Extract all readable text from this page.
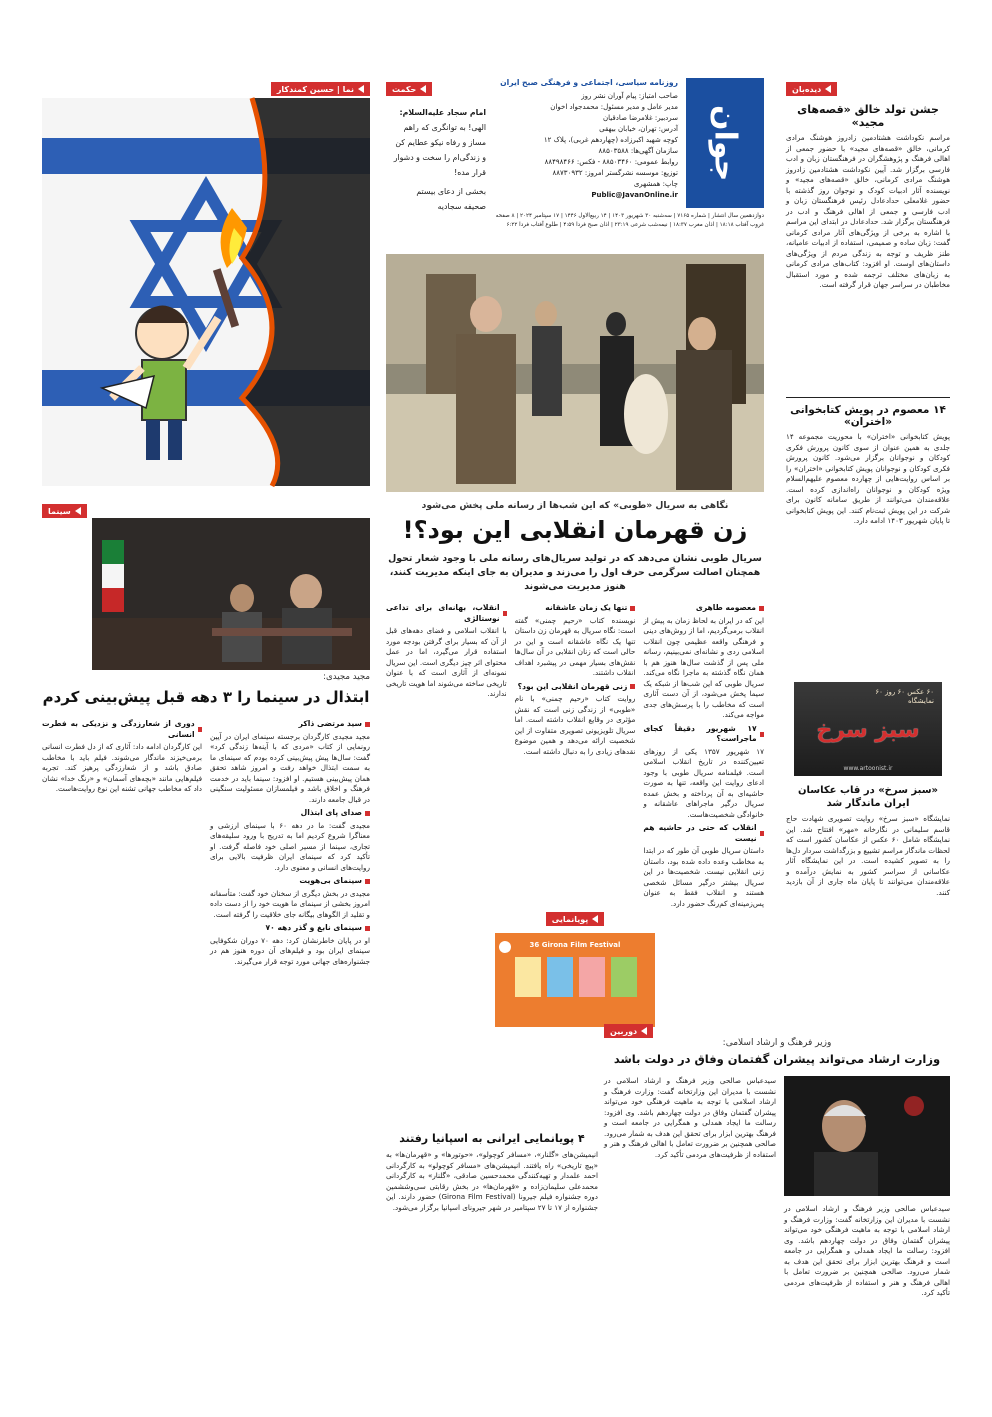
دیده‌بان
جشن تولد خالق «قصه‌های مجید»
مراسم نکوداشت هشتادمین زادروز هوشنگ مرادی کرمانی، خالق «قصه‌های مجید» با حضور جمعی از اهالی فرهنگ و پژوهشگران در فرهنگستان زبان و ادب فارسی برگزار شد. آیین نکوداشت هشتادمین زادروز هوشنگ مرادی کرمانی، خالق «قصه‌های مجید» و نویسنده آثار ادبیات کودک و نوجوان روز گذشته با حضور غلامعلی حدادعادل رئیس فرهنگستان زبان و ادب فارسی و جمعی از اهالی فرهنگ و ادب در فرهنگستان برگزار شد. حدادعادل در ابتدای این مراسم با اشاره به برخی از ویژگی‌های آثار مرادی کرمانی گفت: زبان ساده و صمیمی، استفاده از ادبیات عامیانه، طنز ظریف و توجه به زندگی مردم از ویژگی‌های داستان‌های اوست. او افزود: کتاب‌های مرادی کرمانی به زبان‌های مختلف ترجمه شده و مورد استقبال مخاطبان در سراسر جهان قرار گرفته است.
۱۴ معصوم در پویش کتابخوانی «اختران»
پویش کتابخوانی «اختران» با محوریت مجموعه ۱۴ جلدی به همین عنوان از سوی کانون پرورش فکری کودکان و نوجوانان برگزار می‌شود. کانون پرورش فکری کودکان و نوجوانان پویش کتابخوانی «اختران» را بر اساس روایت‌هایی از چهارده معصوم علیهم‌السلام ویژه کودکان و نوجوانان راه‌اندازی کرده است. علاقه‌مندان می‌توانند از طریق سامانه کانون برای شرکت در این پویش ثبت‌نام کنند. این پویش کتابخوانی تا پایان شهریور ۱۴۰۳ ادامه دارد.
۶۰ عکس ۶۰ روز ۶۰ نمایشگاه
سبز سرخ
www.artoonist.ir
«سبز سرخ» در قاب عکاسان ایران ماندگار شد
نمایشگاه «سبز سرخ» روایت تصویری شهادت حاج قاسم سلیمانی در نگارخانه «مهر» افتتاح شد. این نمایشگاه شامل ۶۰ عکس از عکاسان کشور است که لحظات ماندگار مراسم تشییع و بزرگداشت سردار دل‌ها را به تصویر کشیده است. در این نمایشگاه آثار عکاسانی از سراسر کشور به نمایش درآمده و علاقه‌مندان می‌توانند تا پایان ماه جاری از آن بازدید کنند.
جوان
روزنامه سیاسی، اجتماعی و فرهنگی صبح ایران
صاحب امتیاز: پیام آوران نشر روز
مدیر عامل و مدیر مسئول: محمدجواد اخوان
سردبیر: غلامرضا صادقیان
آدرس: تهران، خیابان بیهقی
کوچه شهید اکبرزاده (چهاردهم غربی)، پلاک ۱۲
سازمان آگهی‌ها: ۸۸۵۰۳۵۸۸
روابط عمومی: ۸۸۵۰۳۴۶۰ - فکس: ۸۸۴۹۸۴۶۶
توزیع: موسسه نشرگستر امروز: ۸۸۷۳۰۹۳۲
چاپ: همشهری
Public@JavanOnline.ir
دوازدهمین سال انتشار | شماره ۷۱۶۵ | سه‌شنبه ۳۰ شهریور ۱۴۰۳ | ۱۴ ربیع‌الاول ۱۴۴۶ | ۱۷ سپتامبر ۲۰۲۴ | ۸ صفحه
غروب آفتاب ۱۸:۱۸ | اذان مغرب ۱۸:۳۷ | نیمه‌شب شرعی ۲۳:۱۹ | اذان صبح فردا ۴:۵۹ | طلوع آفتاب فردا ۶:۲۲
حکمت
امام سجاد علیه‌السلام:
الهی! به توانگری که راهم
مساز و رفاه نیکو عطایم کن
و زندگی‌ام را سخت و دشوار
قرار مده!
بخشی از دعای بیستم
صحیفه سجادیه
نما | حسین کمندکار
نگاهی به سریال «طوبی» که این شب‌ها از رسانه ملی پخش می‌شود
زن قهرمان انقلابی این بود؟!
سریال طوبی نشان می‌دهد که در تولید سریال‌های رسانه ملی با وجود شعار تحول همچنان اصالت سرگرمی حرف اول را می‌زند و مدیران به جای اینکه مدیریت کنند، هنوز مدیریت می‌شوند
معصومه طاهری

این که در ایران به لحاظ زمان به پیش از انقلاب برمی‌گردیم، اما از روش‌های دینی و فرهنگی واقعه عظیمی چون انقلاب اسلامی ردی و نشانه‌ای نمی‌بینیم، رسانه ملی پس از گذشت سال‌ها هنوز هم با همان نگاه گذشته به ماجرا نگاه می‌کند. سریال طوبی که این شب‌ها از شبکه یک سیما پخش می‌شود، از آن دست آثاری است که مخاطب را با پرسش‌های جدی مواجه می‌کند.

۱۷ شهریور دقیقاً کجای ماجراست؟

۱۷ شهریور ۱۳۵۷ یکی از روزهای تعیین‌کننده در تاریخ انقلاب اسلامی است. فیلمنامه سریال طوبی با وجود ادعای روایت این واقعه، تنها به صورت حاشیه‌ای به آن پرداخته و بخش عمده سریال درگیر ماجراهای عاشقانه و خانوادگی شخصیت‌هاست.

انقلاب که حتی در حاشیه هم نیست

داستان سریال طوبی آن طور که در ابتدا به مخاطب وعده داده شده بود، داستان زنی انقلابی نیست. شخصیت‌ها در این سریال بیشتر درگیر مسائل شخصی هستند و انقلاب فقط به عنوان پس‌زمینه‌ای کم‌رنگ حضور دارد.

تنها یک زمان عاشقانه

نویسنده کتاب «رحیم چمنی» گفته است: نگاه سریال به قهرمان زن داستان تنها یک نگاه عاشقانه است و این در حالی است که زنان انقلابی در آن سال‌ها نقش‌های بسیار مهمی در پیشبرد اهداف انقلاب داشتند.

زنی قهرمان انقلابی این بود؟

روایت کتاب «رحیم چمنی» با نام «طوبی» از زندگی زنی است که نقش مؤثری در وقایع انقلاب داشته است. اما سریال تلویزیونی تصویری متفاوت از این شخصیت ارائه می‌دهد و همین موضوع نقدهای زیادی را به دنبال داشته است.

انقلاب، بهانه‌ای برای تداعی نوستالژی

با انقلاب اسلامی و فضای دهه‌های قبل از آن که بسیار برای گرفتن بودجه مورد استفاده قرار می‌گیرد، اما در عمل محتوای اثر چیز دیگری است. این سریال نمونه‌ای از آثاری است که با عنوان تاریخی ساخته می‌شوند اما هویت تاریخی ندارند.

پویانمایی
36 Girona Film Festival
۴ پویانمایی ایرانی به اسپانیا رفتند
انیمیشن‌های «گلنار»، «مسافر کوچولو»، «حوتورها» و «قهرمان‌ها» به «پیچ تاریخی» راه یافتند. انیمیشن‌های «مسافر کوچولو» به کارگردانی احمد علمدار و تهیه‌کنندگی محمدحسین صادقی، «گلنار» به کارگردانی محمدعلی سلیمان‌زاده و «قهرمان‌ها» در بخش رقابتی سی‌وششمین دوره جشنواره فیلم جیرونا (Girona Film Festival) حضور دارند. این جشنواره از ۱۷ تا ۲۷ سپتامبر در شهر جیرونای اسپانیا برگزار می‌شود.
سینما
مجید مجیدی:
ابتذال در سینما را ۳ دهه قبل پیش‌بینی کردم
سید مرتضی ذاکر

مجید مجیدی کارگردان برجسته سینمای ایران در آیین رونمایی از کتاب «مردی که با آینه‌ها زندگی کرد» گفت: سال‌ها پیش پیش‌بینی کرده بودم که سینمای ما به سمت ابتذال خواهد رفت و امروز شاهد تحقق همان پیش‌بینی هستیم. او افزود: سینما باید در خدمت فرهنگ و اخلاق باشد و فیلمسازان مسئولیت سنگینی در قبال جامعه دارند.

صدای پای ابتذال

مجیدی گفت: ما در دهه ۶۰ با سینمای ارزشی و معناگرا شروع کردیم اما به تدریج با ورود سلیقه‌های تجاری، سینما از مسیر اصلی خود فاصله گرفت. او تأکید کرد که سینمای ایران ظرفیت بالایی برای روایت‌های انسانی و معنوی دارد.

سینمای بی‌هویت

مجیدی در بخش دیگری از سخنان خود گفت: متأسفانه امروز بخشی از سینمای ما هویت خود را از دست داده و تقلید از الگوهای بیگانه جای خلاقیت را گرفته است.

سینمای نابغ و گذر دهه ۷۰

او در پایان خاطرنشان کرد: دهه ۷۰ دوران شکوفایی سینمای ایران بود و فیلم‌های آن دوره هنوز هم در جشنواره‌های جهانی مورد توجه قرار می‌گیرند.

دوری از شعارزدگی و نزدیکی به فطرت انسانی

این کارگردان ادامه داد: آثاری که از دل فطرت انسانی برمی‌خیزند ماندگار می‌شوند. فیلم باید با مخاطب صادق باشد و از شعارزدگی پرهیز کند. تجربه فیلم‌هایی مانند «بچه‌های آسمان» و «رنگ خدا» نشان داد که مخاطب جهانی تشنه این نوع روایت‌هاست.

دوربین
وزیر فرهنگ و ارشاد اسلامی:
وزارت ارشاد می‌تواند پیشران گفتمان وفاق در دولت باشد
سیدعباس صالحی وزیر فرهنگ و ارشاد اسلامی در نشست با مدیران این وزارتخانه گفت: وزارت فرهنگ و ارشاد اسلامی با توجه به ماهیت فرهنگی خود می‌تواند پیشران گفتمان وفاق در دولت چهاردهم باشد. وی افزود: رسالت ما ایجاد همدلی و همگرایی در جامعه است و فرهنگ بهترین ابزار برای تحقق این هدف به شمار می‌رود. صالحی همچنین بر ضرورت تعامل با اهالی فرهنگ و هنر و استفاده از ظرفیت‌های مردمی تأکید کرد.
سیدعباس صالحی وزیر فرهنگ و ارشاد اسلامی در نشست با مدیران این وزارتخانه گفت: وزارت فرهنگ و ارشاد اسلامی با توجه به ماهیت فرهنگی خود می‌تواند پیشران گفتمان وفاق در دولت چهاردهم باشد. وی افزود: رسالت ما ایجاد همدلی و همگرایی در جامعه است و فرهنگ بهترین ابزار برای تحقق این هدف به شمار می‌رود. صالحی همچنین بر ضرورت تعامل با اهالی فرهنگ و هنر و استفاده از ظرفیت‌های مردمی تأکید کرد.
